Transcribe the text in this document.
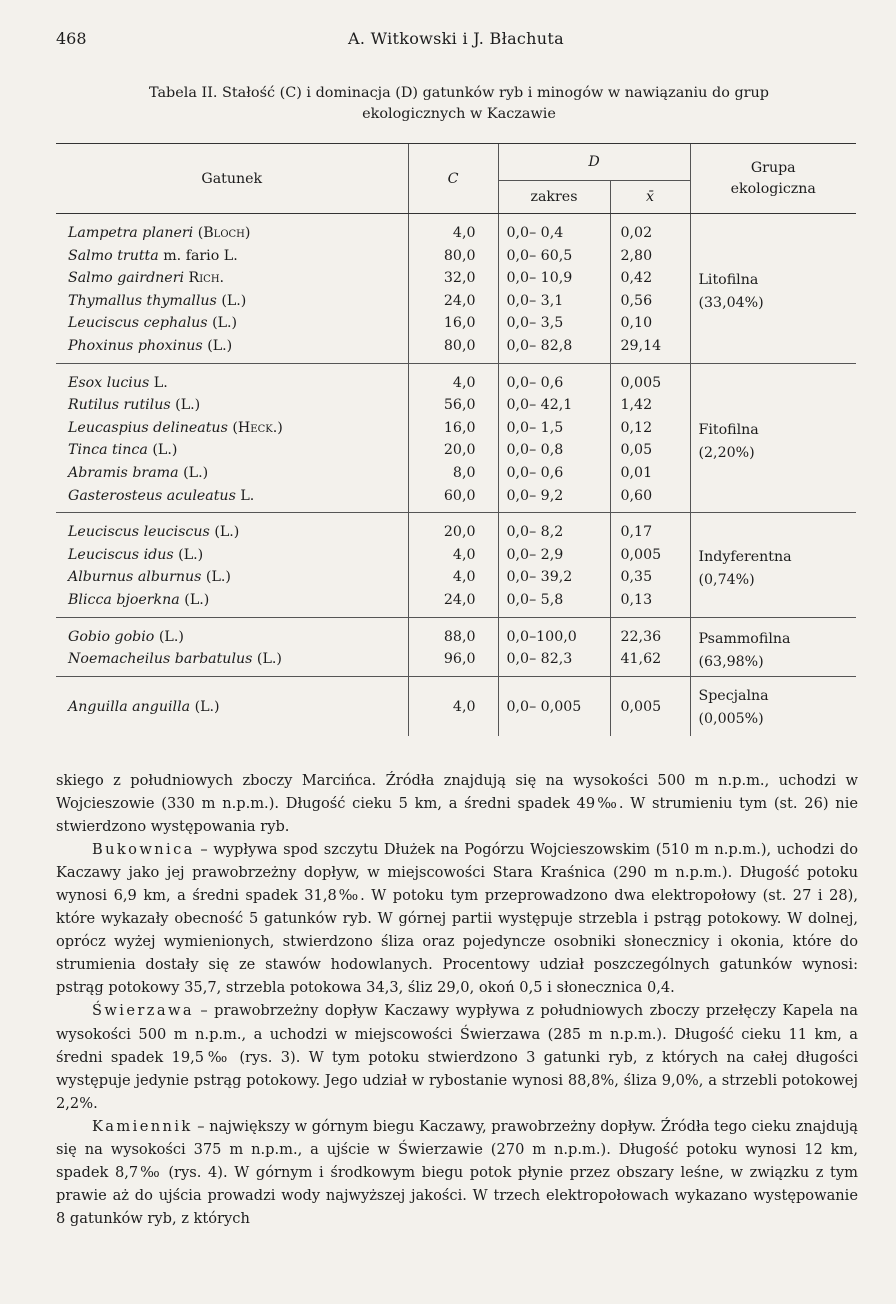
468	A. Witkowski i J. Błachuta
Tabela II. Stałość (C) i dominacja (D) gatunków ryb i minogów w nawiązaniu do grup
ekologicznych w Kaczawie
Gatunek	C	D		Grupa
ekologiczna
		zakres	x̄	
Lampetra planeri (Bloch)	4,0	0,0– 0,4	0,02	Litofilna
(33,04%)
Salmo trutta m. fario L.	80,0	0,0– 60,5	2,80	
Salmo gairdneri Rich.	32,0	0,0– 10,9	0,42	
Thymallus thymallus (L.)	24,0	0,0– 3,1	0,56	
Leuciscus cephalus (L.)	16,0	0,0– 3,5	0,10	
Phoxinus phoxinus (L.)	80,0	0,0– 82,8	29,14	
Esox lucius L.	4,0	0,0– 0,6	0,005	Fitofilna
(2,20%)
Rutilus rutilus (L.)	56,0	0,0– 42,1	1,42	
Leucaspius delineatus (Heck.)	16,0	0,0– 1,5	0,12	
Tinca tinca (L.)	20,0	0,0– 0,8	0,05	
Abramis brama (L.)	8,0	0,0– 0,6	0,01	
Gasterosteus aculeatus L.	60,0	0,0– 9,2	0,60	
Leuciscus leuciscus (L.)	20,0	0,0– 8,2	0,17	Indyferentna
(0,74%)
Leuciscus idus (L.)	4,0	0,0– 2,9	0,005	
Alburnus alburnus (L.)	4,0	0,0– 39,2	0,35	
Blicca bjoerkna (L.)	24,0	0,0– 5,8	0,13	
Gobio gobio (L.)	88,0	0,0–100,0	22,36	Psammofilna
(63,98%)
Noemacheilus barbatulus (L.)	96,0	0,0– 82,3	41,62	
Anguilla anguilla (L.)	4,0	0,0– 0,005	0,005	Specjalna
(0,005%)

skiego z południowych zboczy Marcińca. Źródła znajdują się na wysokości 500 m n.p.m., uchodzi w Wojcieszowie (330 m n.p.m.). Długość cieku 5 km, a średni spadek 49‰. W strumieniu tym (st. 26) nie stwierdzono występowania ryb.

Bukownica – wypływa spod szczytu Dłużek na Pogórzu Wojcieszowskim (510 m n.p.m.), uchodzi do Kaczawy jako jej prawobrzeżny dopływ, w miejscowości Stara Kraśnica (290 m n.p.m.). Długość potoku wynosi 6,9 km, a średni spadek 31,8‰. W potoku tym przeprowadzono dwa elektropołowy (st. 27 i 28), które wykazały obecność 5 gatunków ryb. W górnej partii występuje strzebla i pstrąg potokowy. W dolnej, oprócz wyżej wymienionych, stwierdzono śliza oraz pojedyncze osobniki słonecznicy i okonia, które do strumienia dostały się ze stawów hodowlanych. Procentowy udział poszczególnych gatunków wynosi: pstrąg potokowy 35,7, strzebla potokowa 34,3, śliz 29,0, okoń 0,5 i słonecznica 0,4.

Świerzawa – prawobrzeżny dopływ Kaczawy wypływa z południowych zboczy przełęczy Kapela na wysokości 500 m n.p.m., a uchodzi w miejscowości Świerzawa (285 m n.p.m.). Długość cieku 11 km, a średni spadek 19,5‰ (rys. 3). W tym potoku stwierdzono 3 gatunki ryb, z których na całej długości występuje jedynie pstrąg potokowy. Jego udział w rybostanie wynosi 88,8%, śliza 9,0%, a strzebli potokowej 2,2%.

Kamiennik – największy w górnym biegu Kaczawy, prawobrzeżny dopływ. Źródła tego cieku znajdują się na wysokości 375 m n.p.m., a ujście w Świerzawie (270 m n.p.m.). Długość potoku wynosi 12 km, spadek 8,7‰ (rys. 4). W górnym i środkowym biegu potok płynie przez obszary leśne, w związku z tym prawie aż do ujścia prowadzi wody najwyższej jakości. W trzech elektropołowach wykazano występowanie 8 gatunków ryb, z których
